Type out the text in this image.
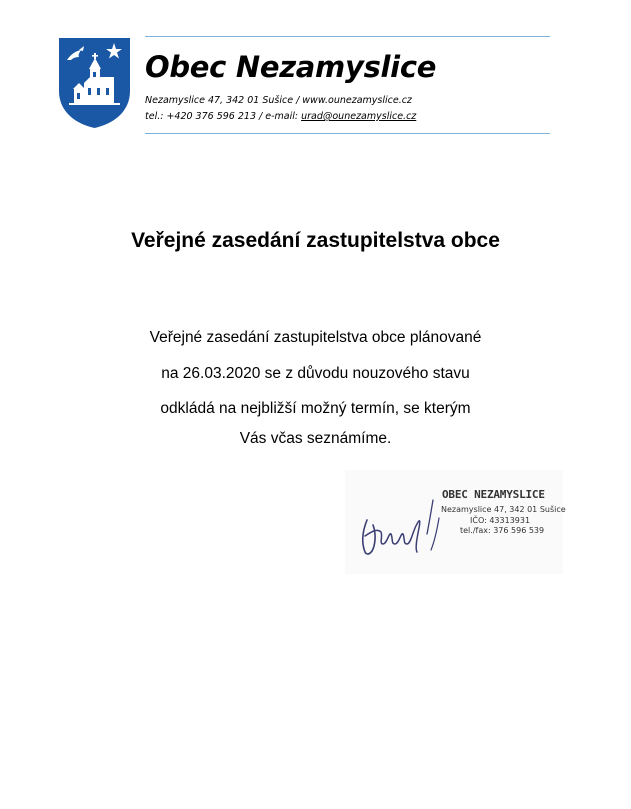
Obec Nezamyslice
Nezamyslice 47, 342 01 Sušice / www.ounezamyslice.cz
tel.: +420 376 596 213 / e-mail: urad@ounezamyslice.cz
Veřejné zasedání zastupitelstva obce
Veřejné zasedání zastupitelstva obce plánované
na 26.03.2020 se z důvodu nouzového stavu
odkládá na nejbližší možný termín, se kterým
Vás včas seznámíme.
OBEC NEZAMYSLICE
Nezamyslice 47, 342 01 Sušice
IČO: 43313931
tel./fax: 376 596 539
